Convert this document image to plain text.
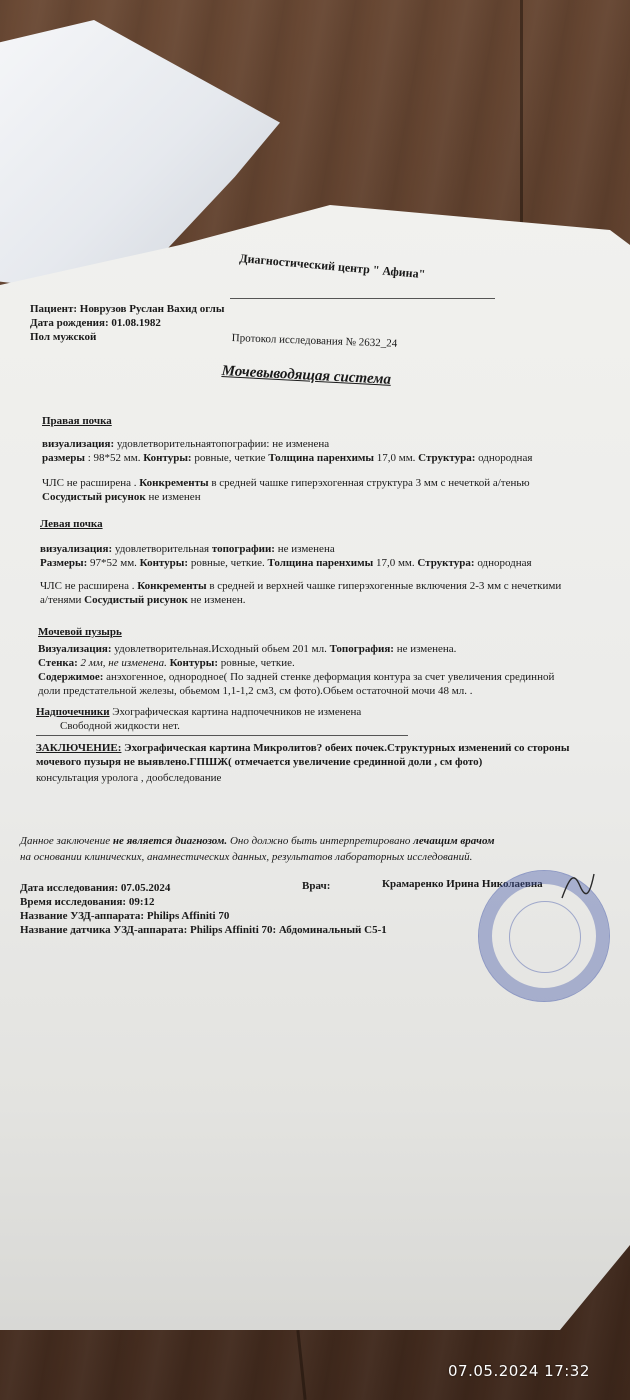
Диагностический центр " Афина"
Пациент: Новрузов Руслан Вахид оглы
Дата рождения: 01.08.1982
Пол мужской	Протокол исследования № 2632_24
Мочевыводящая система
Правая почка
визуализация: удовлетворительнаятопографии: не изменена
размеры : 98*52 мм. Контуры: ровные, четкие Толщина паренхимы 17,0 мм. Структура: однородная
ЧЛС не расширена . Конкременты в средней чашке гиперэхогенная структура 3 мм с нечеткой а/тенью
Сосудистый рисунок не изменен
Левая почка
визуализация: удовлетворительная топографии: не изменена
Размеры: 97*52 мм. Контуры: ровные, четкие. Толщина паренхимы 17,0 мм. Структура: однородная
ЧЛС не расширена . Конкременты в средней и верхней чашке гиперэхогенные включения 2-3 мм с нечеткими
а/тенями Сосудистый рисунок не изменен.
Мочевой пузырь
Визуализация: удовлетворительная.Исходный обьем 201 мл. Топография: не изменена.
Стенка: 2 мм, не изменена. Контуры: ровные, четкие.
Содержимое: анэхогенное, однородное( По задней стенке деформация контура за счет увеличения срединной
доли предстательной железы, обьемом 1,1-1,2 см3, см фото).Обьем остаточной мочи 48 мл. .
Надпочечники Эхографическая картина надпочечников не изменена
Свободной жидкости нет.
ЗАКЛЮЧЕНИЕ: Эхографическая картина Микролитов? обеих почек.Структурных изменений со стороны
мочевого пузыря не выявлено.ГПШЖ( отмечается увеличение срединной доли , см фото)
консультация уролога , дообследование
Данное заключение не является диагнозом. Оно должно быть интерпретировано лечащим врачом
на основании клинических, анамнестических данных, результатов лабораторных исследований.
Дата исследования: 07.05.2024	Врач:	Крамаренко Ирина Николаевна
Время исследования: 09:12
Название УЗД-аппарата: Philips Affiniti 70
Название датчика УЗД-аппарата: Philips Affiniti 70: Абдоминальный С5-1
07.05.2024 17:32
